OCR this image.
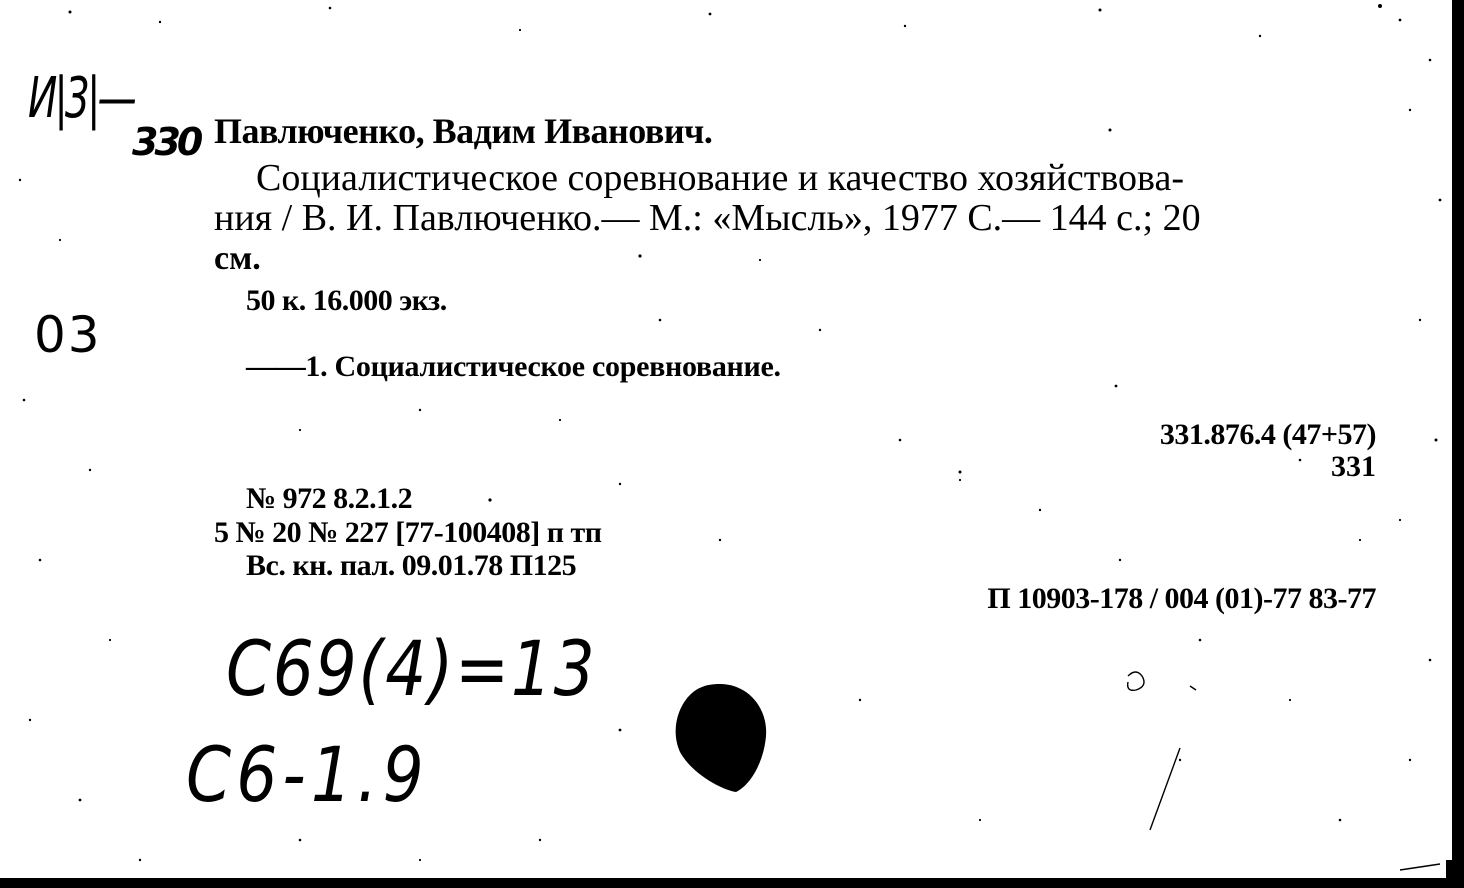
И|3|—
330 Павлюченко, Вадим Иванович.
Социалистическое соревнование и качество хозяйствова-
ния / В. И. Павлюченко.— М.: «Мысль», 1977 С.— 144 с.; 20
см.
50 к. 16.000 экз.
03
——1. Социалистическое соревнование.
331.876.4 (47+57)
331
№ 972 8.2.1.2
5 № 20 № 227 [77-100408] п тп
Вс. кн. пал. 09.01.78 П125
П 10903-178 / 004 (01)-77 83-77
C69(4)=13
C6-1.9
